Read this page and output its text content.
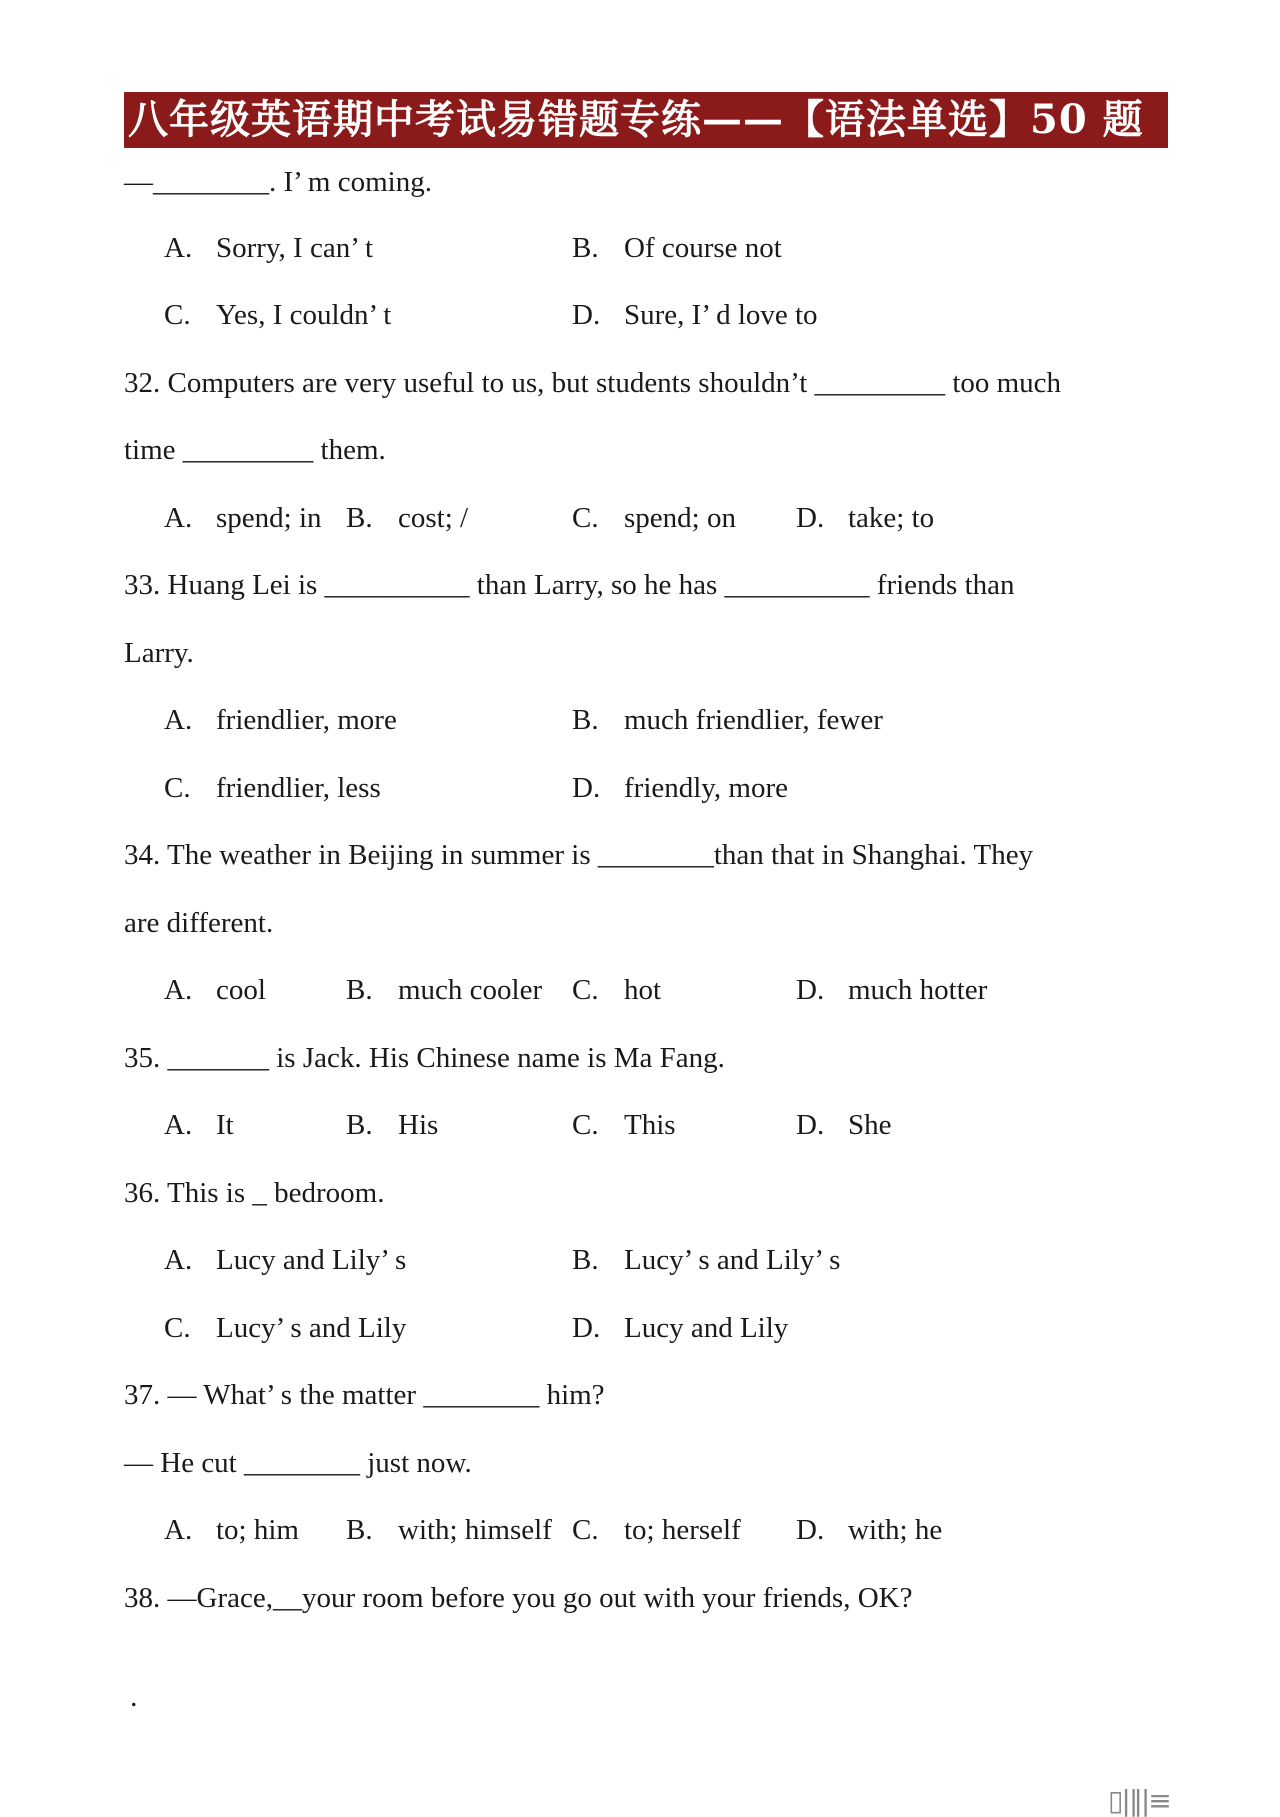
八年级英语期中考试易错题专练——【语法单选】50 题
—________. I’ m coming.
A. Sorry, I can’ t	B. Of course not
C. Yes, I couldn’ t	D. Sure, I’ d love to
32. Computers are very useful to us, but students shouldn’t _________ too much
time _________ them.
A. spend; in B. cost; /	C. spend; on D. take; to
33. Huang Lei is __________ than Larry, so he has __________ friends than
Larry.
A. friendlier, more	B. much friendlier, fewer
C. friendlier, less	D. friendly, more
34. The weather in Beijing in summer is ________than that in Shanghai. They
are different.
A. cool	B. much cooler C. hot	D. much hotter
35. _______ is Jack. His Chinese name is Ma Fang.
A. It	B. His	C. This	D. She
36. This is _ bedroom.
A. Lucy and Lily’ s	B. Lucy’ s and Lily’ s
C. Lucy’ s and Lily	D. Lucy and Lily
37. — What’ s the matter ________ him?
— He cut ________ just now.
A. to; him B. with; himself C. to; herself D. with; he
38. —Grace,__your room before you go out with your friends, OK?
.
▯|‖|≡
